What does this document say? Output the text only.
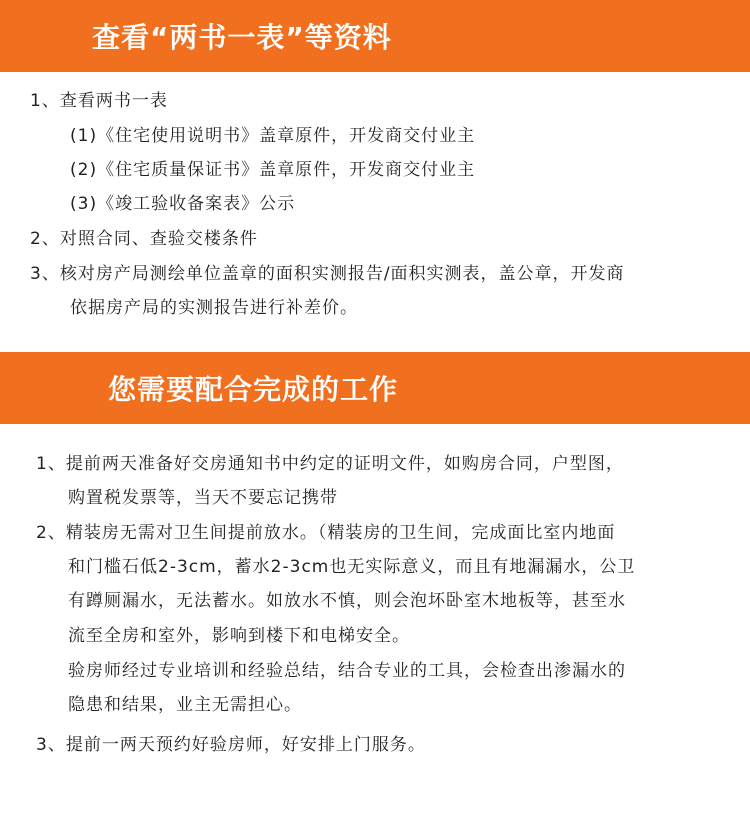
查看“两书一表”等资料
1、查看两书一表
(1)《住宅使用说明书》盖章原件，开发商交付业主
(2)《住宅质量保证书》盖章原件，开发商交付业主
(3)《竣工验收备案表》公示
2、对照合同、查验交楼条件
3、核对房产局测绘单位盖章的面积实测报告/面积实测表，盖公章，开发商
依据房产局的实测报告进行补差价。
您需要配合完成的工作
1、提前两天准备好交房通知书中约定的证明文件，如购房合同，户型图，
购置税发票等，当天不要忘记携带
2、精装房无需对卫生间提前放水。（精装房的卫生间，完成面比室内地面
和门槛石低2-3cm，蓄水2-3cm也无实际意义，而且有地漏漏水，公卫
有蹲厕漏水，无法蓄水。如放水不慎，则会泡坏卧室木地板等，甚至水
流至全房和室外，影响到楼下和电梯安全。
验房师经过专业培训和经验总结，结合专业的工具，会检查出渗漏水的
隐患和结果，业主无需担心。
3、提前一两天预约好验房师，好安排上门服务。
